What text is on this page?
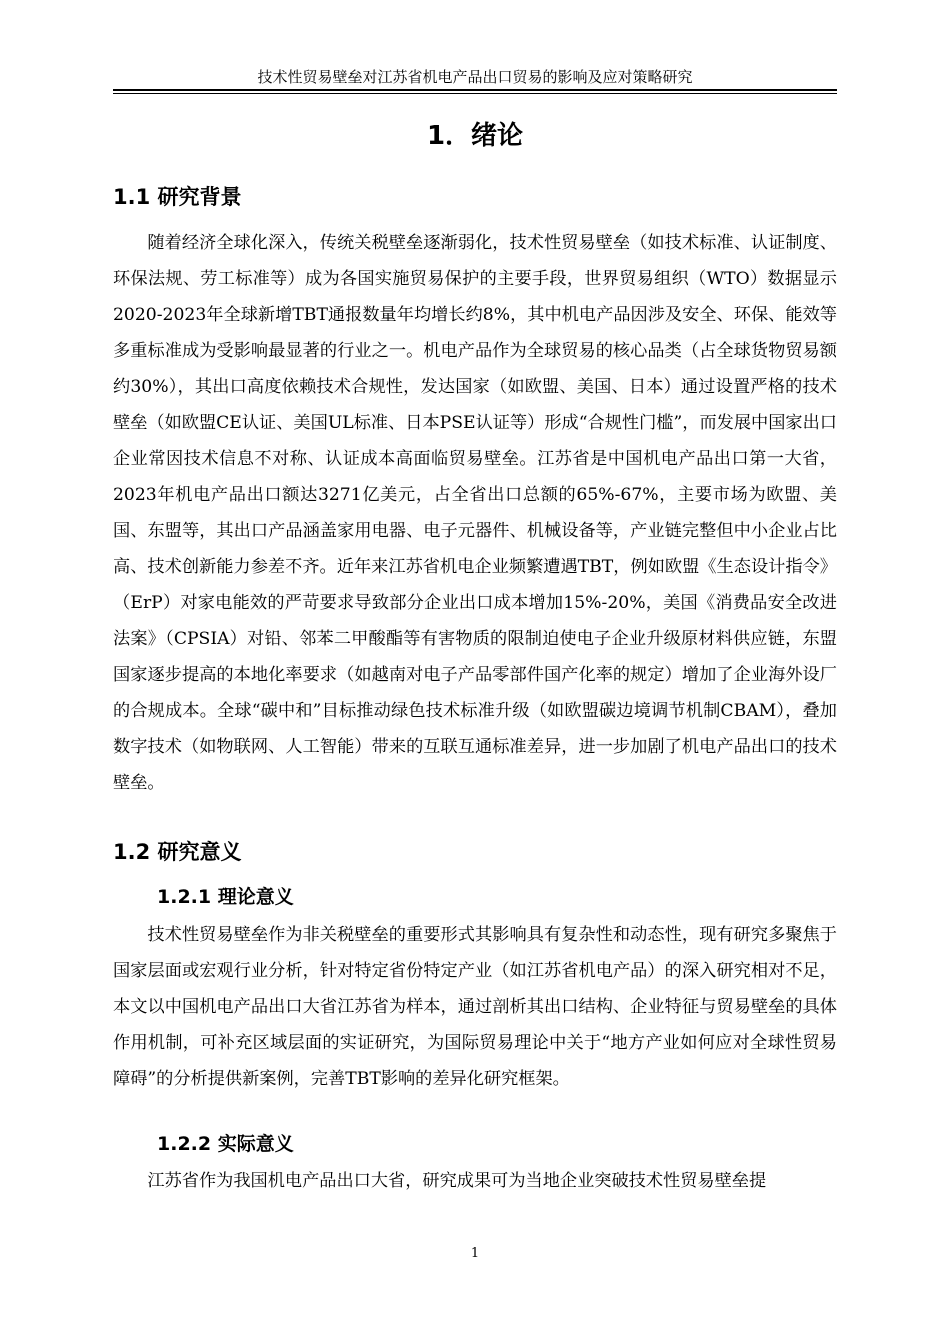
技术性贸易壁垒对江苏省机电产品出口贸易的影响及应对策略研究
1．绪论
1.1 研究背景

随着经济全球化深入，传统关税壁垒逐渐弱化，技术性贸易壁垒（如技术标准、认证制度、环保法规、劳工标准等）成为各国实施贸易保护的主要手段，世界贸易组织（WTO）数据显示2020-2023年全球新增TBT通报数量年均增长约8%，其中机电产品因涉及安全、环保、能效等多重标准成为受影响最显著的行业之一。机电产品作为全球贸易的核心品类（占全球货物贸易额约30%），其出口高度依赖技术合规性，发达国家（如欧盟、美国、日本）通过设置严格的技术壁垒（如欧盟CE认证、美国UL标准、日本PSE认证等）形成“合规性门槛”，而发展中国家出口企业常因技术信息不对称、认证成本高面临贸易壁垒。江苏省是中国机电产品出口第一大省，2023年机电产品出口额达3271亿美元，占全省出口总额的65%-67%，主要市场为欧盟、美国、东盟等，其出口产品涵盖家用电器、电子元器件、机械设备等，产业链完整但中小企业占比高、技术创新能力参差不齐。近年来江苏省机电企业频繁遭遇TBT，例如欧盟《生态设计指令》（ErP）对家电能效的严苛要求导致部分企业出口成本增加15%-20%，美国《消费品安全改进法案》（CPSIA）对铅、邻苯二甲酸酯等有害物质的限制迫使电子企业升级原材料供应链，东盟国家逐步提高的本地化率要求（如越南对电子产品零部件国产化率的规定）增加了企业海外设厂的合规成本。全球“碳中和”目标推动绿色技术标准升级（如欧盟碳边境调节机制CBAM），叠加数字技术（如物联网、人工智能）带来的互联互通标准差异，进一步加剧了机电产品出口的技术壁垒。

1.2 研究意义
1.2.1 理论意义

技术性贸易壁垒作为非关税壁垒的重要形式其影响具有复杂性和动态性，现有研究多聚焦于国家层面或宏观行业分析，针对特定省份特定产业（如江苏省机电产品）的深入研究相对不足，本文以中国机电产品出口大省江苏省为样本，通过剖析其出口结构、企业特征与贸易壁垒的具体作用机制，可补充区域层面的实证研究，为国际贸易理论中关于“地方产业如何应对全球性贸易障碍”的分析提供新案例，完善TBT影响的差异化研究框架。

1.2.2 实际意义

江苏省作为我国机电产品出口大省，研究成果可为当地企业突破技术性贸易壁垒提

1
